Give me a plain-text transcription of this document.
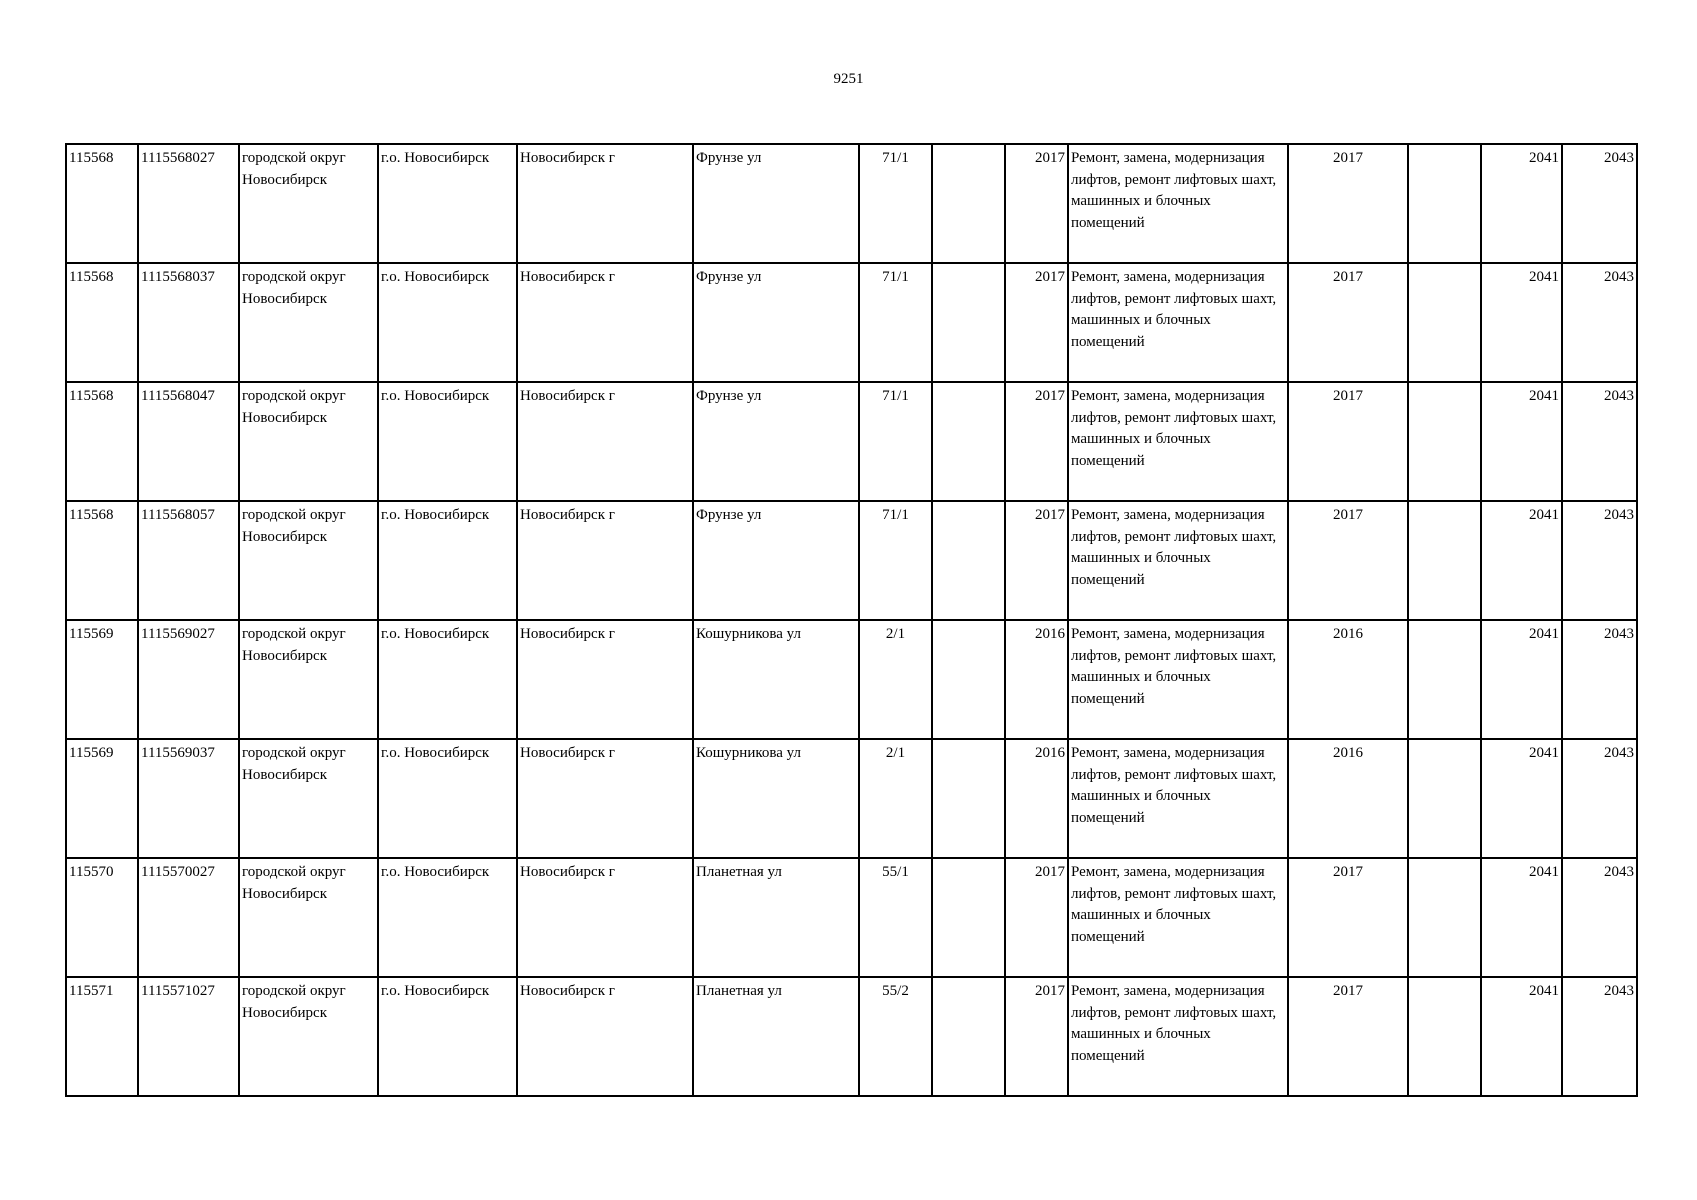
9251
115568	1115568027	городской округ Новосибирск	г.о. Новосибирск	Новосибирск г	Фрунзе ул	71/1		2017	Ремонт, замена, модернизация лифтов, ремонт лифтовых шахт, машинных и блочных помещений	2017		2041	2043
115568	1115568037	городской округ Новосибирск	г.о. Новосибирск	Новосибирск г	Фрунзе ул	71/1		2017	Ремонт, замена, модернизация лифтов, ремонт лифтовых шахт, машинных и блочных помещений	2017		2041	2043
115568	1115568047	городской округ Новосибирск	г.о. Новосибирск	Новосибирск г	Фрунзе ул	71/1		2017	Ремонт, замена, модернизация лифтов, ремонт лифтовых шахт, машинных и блочных помещений	2017		2041	2043
115568	1115568057	городской округ Новосибирск	г.о. Новосибирск	Новосибирск г	Фрунзе ул	71/1		2017	Ремонт, замена, модернизация лифтов, ремонт лифтовых шахт, машинных и блочных помещений	2017		2041	2043
115569	1115569027	городской округ Новосибирск	г.о. Новосибирск	Новосибирск г	Кошурникова ул	2/1		2016	Ремонт, замена, модернизация лифтов, ремонт лифтовых шахт, машинных и блочных помещений	2016		2041	2043
115569	1115569037	городской округ Новосибирск	г.о. Новосибирск	Новосибирск г	Кошурникова ул	2/1		2016	Ремонт, замена, модернизация лифтов, ремонт лифтовых шахт, машинных и блочных помещений	2016		2041	2043
115570	1115570027	городской округ Новосибирск	г.о. Новосибирск	Новосибирск г	Планетная ул	55/1		2017	Ремонт, замена, модернизация лифтов, ремонт лифтовых шахт, машинных и блочных помещений	2017		2041	2043
115571	1115571027	городской округ Новосибирск	г.о. Новосибирск	Новосибирск г	Планетная ул	55/2		2017	Ремонт, замена, модернизация лифтов, ремонт лифтовых шахт, машинных и блочных помещений	2017		2041	2043
